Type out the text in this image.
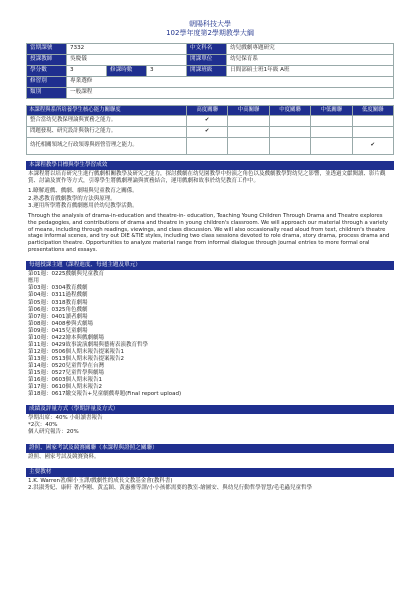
朝陽科技大學
102學年度第2學期教學大綱
當期課號	7332			中文科名	幼兒戲劇專題研究
授課教師	吳慶儀			開課單位	幼兒保育系
學分數	3	修課時數	3	開課班級	日間部碩士班1年級 A班
修習別	專業選修				
類別	一般課程				
本課程與系所培養學生核心能力關聯度	高度關聯	中高關聯	中度關聯	中低關聯	低度關聯
整合當幼兒教保理論與實務之能力。	✔				
問題發現、研究設計與執行之能力。	✔				
幼托相關領域之行政領導與經營管理之能力。					✔
本課程教學目標與學生學習成效
本課程將以培育研究生進行戲劇相關教學及研究之能力，探討戲劇在幼兒園教學中扮演之角色以及戲劇教學對幼兒之影響，並透過文獻閱讀、影片觀賞、討論及實作等方式，引導學生將戲劇理論與實務結合，運用戲劇和故事於幼兒教育工作中。

1.瞭解遊戲、戲劇、劇場與兒童教育之關係。

2.熟悉教育戲劇教學的方法與原理。
3.運用所學將教育戲劇應用於幼兒教學活動。
Through the analysis of drama-in-education and theatre-in- education, Teaching Young Children Through Drama and Theatre explores the pedagogies, and contributions of drama and theatre in young children's classroom. We will approach our material through a variety of means, including through readings, viewings, and class discussion. We will also occasionally read aloud from text, children's theatre stage informal scenes, and try out DIE &TIE styles, including two class sessions devoted to role drama, story drama, process drama and participation theatre. Opportunities to analyze material range from informal dialogue through journal entries to more formal oral presentations and essays.
每週授課主題（課程進度、每週主題及單元）
第01週：0225戲劇與兒童教育
應用
第03週：0304教育戲劇
第04週：0311過程戲劇
第05週：0318教育劇場
第06週：0325角色戲劇
第07週：0401讀者劇場
第08週：0408參與式劇場
第09週：0415兒童劇場
第10週：0422繪本與戲劇劇場
第11週：0429故事說演劇場與藝術表演教育哲學
第12週：0506個人期末報告提案報告1
第13週：0513個人期末報告提案報告2
第14週：0520兒童哲學在台灣
第15週：0527兒童哲學與劇場
第16週：0603個人期末報告1
第17週：0610個人期末報告2
第18週：0617繳交報告+兒童劇戲專題(Final report upload)
成績及評量方式（學期評量及方式）
學期出席：40% 小組讀書報告
*2次：40%
個人研究報告：20%
證照、國家考試及競賽關聯（本課程與證照之關聯）
證照、國家考試及競賽資料。
主要教材
1.K. Warren著/陳小玉譯/戲劇性的成長文教基金會(教科書)
2.洪淑秀妃、康軒 著/李剛、黃孟穎、黃惠雅等譯/小小孩都需要的教室-繪圖安、與幼兒行動哲學智慧/毛毛蟲兒童哲學
